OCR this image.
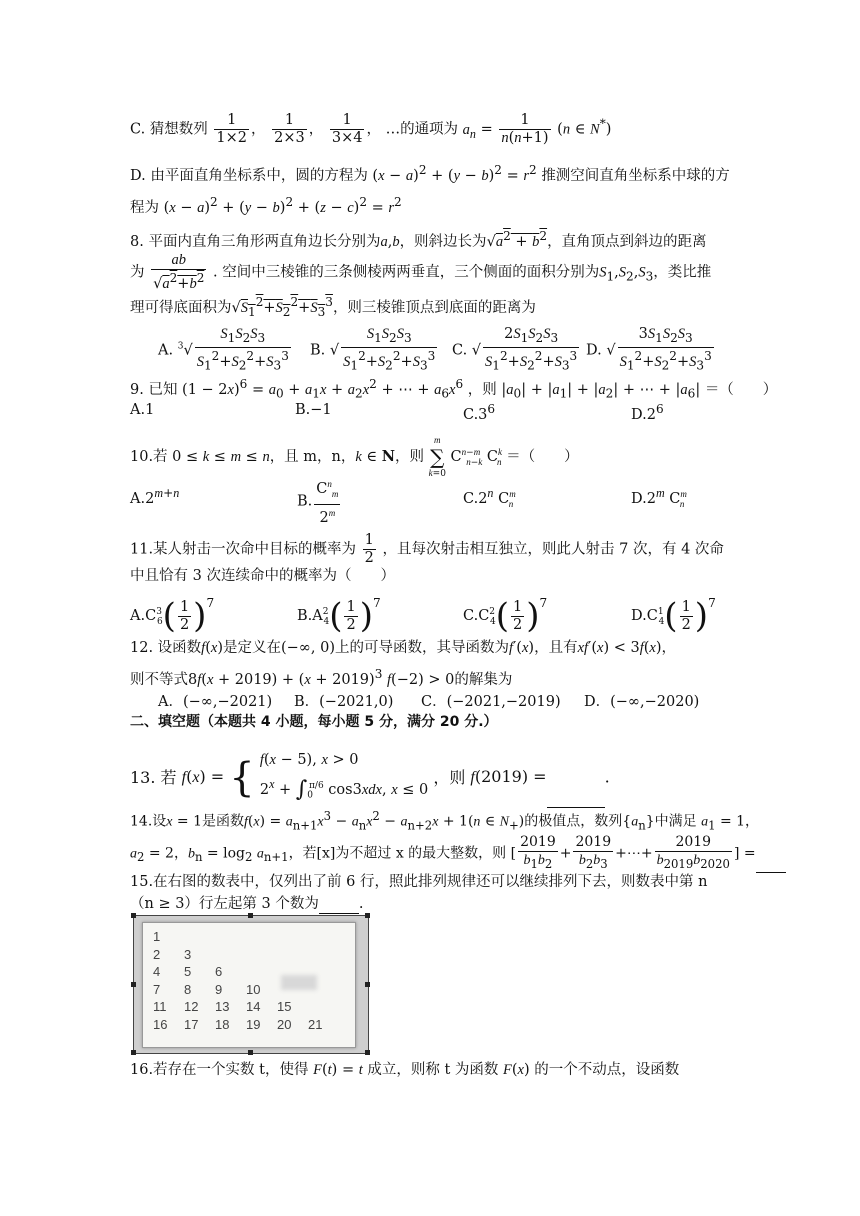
C. 猜想数列 $\frac{1}{1\times 2}$ ， $\frac{1}{2\times 3}$ ， $\frac{1}{3\times 4}$ ， …的通项为 $a_n = \frac{1}{n(n+1)} (n$ ∈ N*)
D. 由平面直角坐标系中，圆的方程为 $(x - a)^2 + (y - b)^2 = r^2$ 推测空间直角坐标系中球的方
程为 $(x - a)^2 + (y - b)^2 + (z - c)^2 = r^2$
8. 平面内直角三角形两直角边长分别为a,b，则斜边长为$√a^2 + b^2$，直角顶点到斜边的距离
为 $\frac{ab}{√a^2+b^2}$ . 空间中三棱锥的三条侧棱两两垂直，三个侧面的面积分别为$S_1,S_2,S_3$，类比推
理可得底面积为$√S_1^2+S_2^2+S_3^3$，则三棱锥顶点到底面的距离为
A. $^3√ \frac{S_1S_2S_3}{S_1^2+S_2^2+S_3^3} B$. √ $\frac{S_1S_2S_3}{S_1^2+S_2^2+S_3^3} C$. √ $\frac{2S_1S_2S_3}{S_1^2+S_2^2+S_3^3} D$. √ $\frac{3S_1S_2S_3}{S_1^2+S_2^2+S_3^3}$
9. 已知 $(1 - 2x)^6 = a_0 + a_1x + a_2x^2$ + ⋯ + $a_6x^6$ ，则 $|a_0| + |a_1| + |a_2|$ + ⋯ + $|a_6|$ ＝（　　）
A.1	B.−1	$C.3^6$	$D.2^6$
10.若 0 ≤ k ≤ m ≤ n，且 m，n，k ∈ N，则
m
∑
k=0
$C^{n-m}_{n-k}$ $C^k_n$ ＝（　　）
$A.2^{m+n}$
B. $\frac{C^n_m}{2^m}$	C.2$^n$ $C^m_n$	D.2$^m$ $C^m_n$
11.某人射击一次命中目标的概率为 $\frac{1}{2}$ ，且每次射击相互独立，则此人射击 7 次，有 4 次命
中且恰有 3 次连续命中的概率为（　　）
$A.C^3_6( \frac{1}{2} )^7$
$B.A^2_4( \frac{1}{2} )^7$
$C.C^2_4( \frac{1}{2} )^7$
$D.C^1_4( \frac{1}{2} )^7$
12. 设函数f(x)是定义在(−∞, 0)上的可导函数，其导函数为f′(x)，且有xf′(x) < 3f(x)，
则不等式$8f(x + 2019) + (x + 2019)^3$ f(−2) > 0的解集为
A．(−∞,−2021) B．(−2021,0) C．(−2021,−2019) D．(−∞,−2020)
二、填空题（本题共 4 小题，每小题 5 分，满分 20 分.）
13. 若 f(x) = { f(x − 5), x > 0
$2^x + \int_0^{\pi/6}$ cos3xdx, x ≤ 0
，则 f(2019) =	.
14.设x = 1是函数$f(x) = a_{n+1}x^3 - a_nx^2 - a_{n+2}x + 1(n$ ∈ $N_+$)的极值点，数列$\{a_n\}$中满足 $a_1 = 1$，
$a_2 = 2$，$b_n = \log_2 a_{n+1}$，若[x]为不超过 x 的最大整数，则 [ $\frac{2019}{b_1b_2} + \frac{2019}{b_2b_3}$ +⋯+ $\frac{2019}{b_{2019}b_{2020}}$ ] =
15.在右图的数表中，仅列出了前 6 行，照此排列规律还可以继续排列下去，则数表中第 n
（n ≥ 3）行左起第 3 个数为	.
1
2 3
4 5 6
7 8 9 10
11 12 13 14 15
16 17 18 19 20 21
16.若存在一个实数 t，使得 F(t) = t 成立，则称 t 为函数 F(x) 的一个不动点，设函数
